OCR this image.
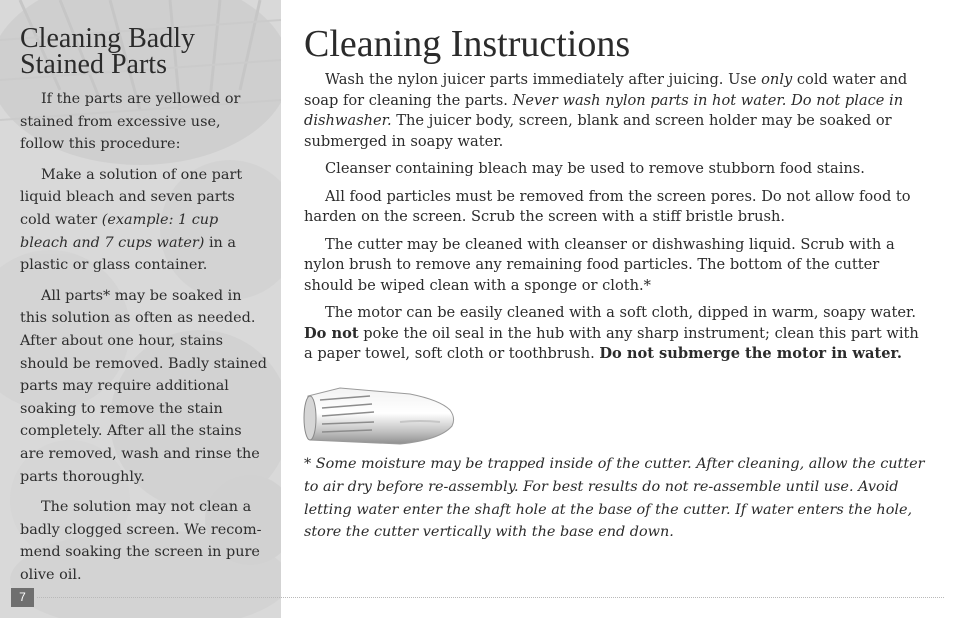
Cleaning Badly
Stained Parts

If the parts are yellowed or stained from excessive use, follow this procedure:

Make a solution of one part liquid bleach and seven parts cold water (example: 1 cup bleach and 7 cups water) in a plastic or glass container.

All parts* may be soaked in this solution as often as needed. After about one hour, stains should be removed. Badly stained parts may require additional soaking to remove the stain completely. After all the stains are removed, wash and rinse the parts thoroughly.

The solution may not clean a badly clogged screen. We recom-mend soaking the screen in pure olive oil.

7
Cleaning Instructions

Wash the nylon juicer parts immediately after juicing. Use only cold water and soap for cleaning the parts. Never wash nylon parts in hot water. Do not place in dishwasher. The juicer body, screen, blank and screen holder may be soaked or submerged in soapy water.

Cleanser containing bleach may be used to remove stubborn food stains.

All food particles must be removed from the screen pores. Do not allow food to harden on the screen. Scrub the screen with a stiff bristle brush.

The cutter may be cleaned with cleanser or dishwashing liquid. Scrub with a nylon brush to remove any remaining food particles. The bottom of the cutter should be wiped clean with a sponge or cloth.*

The motor can be easily cleaned with a soft cloth, dipped in warm, soapy water. Do not poke the oil seal in the hub with any sharp instrument; clean this part with a paper towel, soft cloth or toothbrush. Do not submerge the motor in water.

* Some moisture may be trapped inside of the cutter. After cleaning, allow the cutter to air dry before re-assembly. For best results do not re-assemble until use. Avoid letting water enter the shaft hole at the base of the cutter. If water enters the hole, store the cutter vertically with the base end down.
